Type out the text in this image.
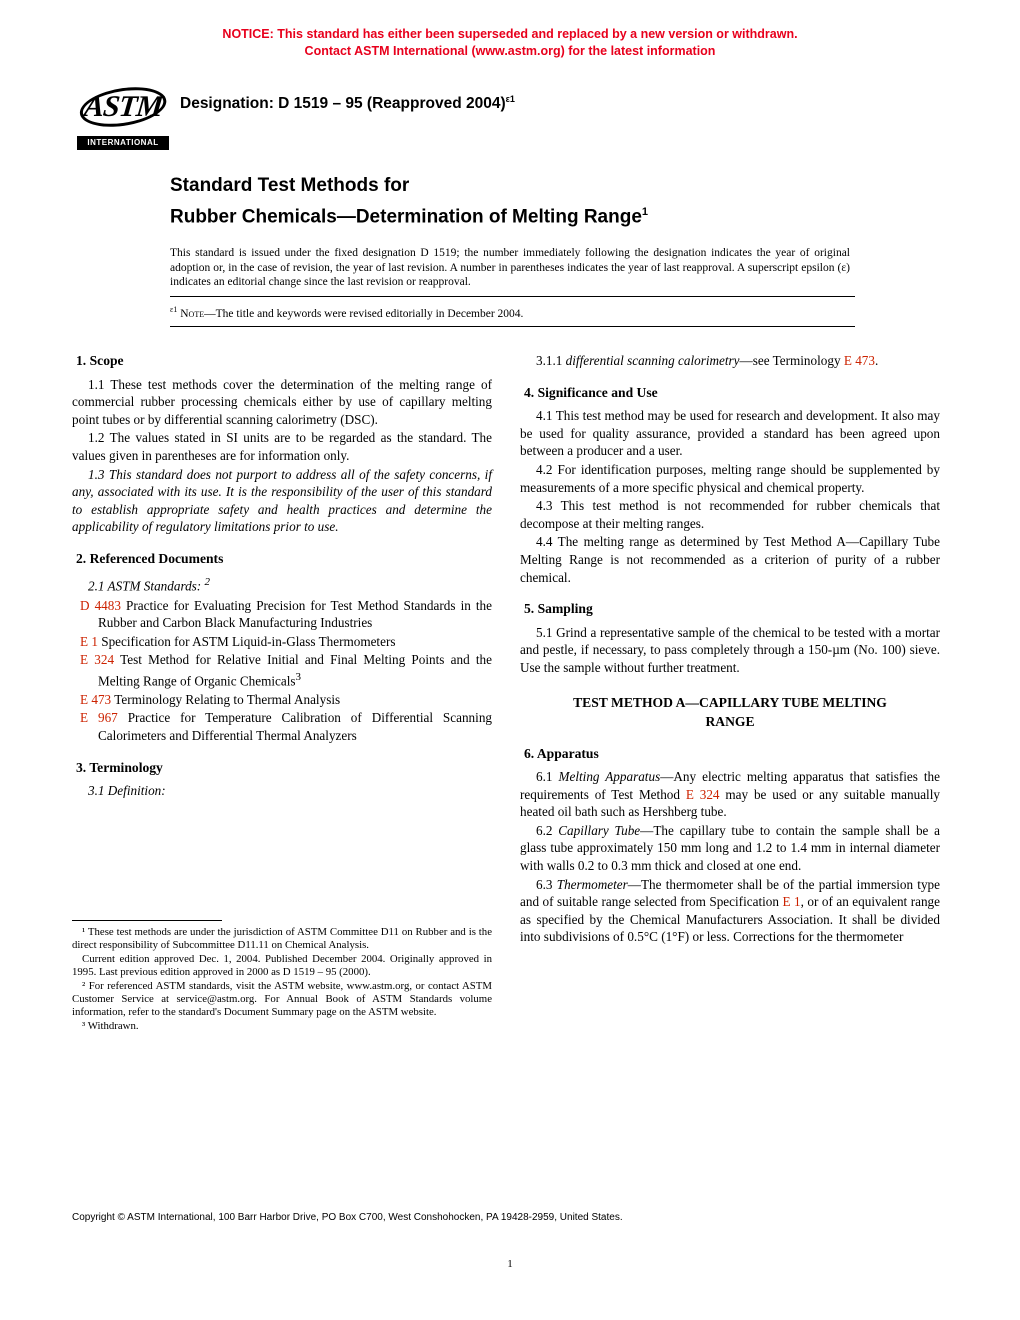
NOTICE: This standard has either been superseded and replaced by a new version or withdrawn.
Contact ASTM International (www.astm.org) for the latest information
ASTM
INTERNATIONAL
Designation: D 1519 – 95 (Reapproved 2004)$^{\varepsilon 1}$
Standard Test Methods for
Rubber Chemicals—Determination of Melting Range$^1$
This standard is issued under the fixed designation D 1519; the number immediately following the designation indicates the year of original adoption or, in the case of revision, the year of last revision. A number in parentheses indicates the year of last reapproval. A superscript epsilon (ε) indicates an editorial change since the last revision or reapproval.
$^{\varepsilon 1}$ Note—The title and keywords were revised editorially in December 2004.
1. Scope

1.1 These test methods cover the determination of the melting range of commercial rubber processing chemicals either by use of capillary melting point tubes or by differential scanning calorimetry (DSC).

1.2 The values stated in SI units are to be regarded as the standard. The values given in parentheses are for information only.

1.3 This standard does not purport to address all of the safety concerns, if any, associated with its use. It is the responsibility of the user of this standard to establish appropriate safety and health practices and determine the applicability of regulatory limitations prior to use.

2. Referenced Documents
2.1 ASTM Standards: $^2$
D 4483 Practice for Evaluating Precision for Test Method Standards in the Rubber and Carbon Black Manufacturing Industries
E 1 Specification for ASTM Liquid-in-Glass Thermometers
E 324 Test Method for Relative Initial and Final Melting Points and the Melting Range of Organic Chemicals$^3$
E 473 Terminology Relating to Thermal Analysis
E 967 Practice for Temperature Calibration of Differential Scanning Calorimeters and Differential Thermal Analyzers
3. Terminology
3.1 Definition:

3.1.1 differential scanning calorimetry—see Terminology E 473.

4. Significance and Use

4.1 This test method may be used for research and development. It also may be used for quality assurance, provided a standard has been agreed upon between a producer and a user.

4.2 For identification purposes, melting range should be supplemented by measurements of a more specific physical and chemical property.

4.3 This test method is not recommended for rubber chemicals that decompose at their melting ranges.

4.4 The melting range as determined by Test Method A—Capillary Tube Melting Range is not recommended as a criterion of purity of a rubber chemical.

5. Sampling

5.1 Grind a representative sample of the chemical to be tested with a mortar and pestle, if necessary, to pass completely through a 150-µm (No. 100) sieve. Use the sample without further treatment.

TEST METHOD A—CAPILLARY TUBE MELTING
RANGE
6. Apparatus

6.1 Melting Apparatus—Any electric melting apparatus that satisfies the requirements of Test Method E 324 may be used or any suitable manually heated oil bath such as Hershberg tube.

6.2 Capillary Tube—The capillary tube to contain the sample shall be a glass tube approximately 150 mm long and 1.2 to 1.4 mm in internal diameter with walls 0.2 to 0.3 mm thick and closed at one end.

6.3 Thermometer—The thermometer shall be of the partial immersion type and of suitable range selected from Specification E 1, or of an equivalent range as specified by the Chemical Manufacturers Association. It shall be divided into subdivisions of 0.5°C (1°F) or less. Corrections for the thermometer

¹ These test methods are under the jurisdiction of ASTM Committee D11 on Rubber and is the direct responsibility of Subcommittee D11.11 on Chemical Analysis.

Current edition approved Dec. 1, 2004. Published December 2004. Originally approved in 1995. Last previous edition approved in 2000 as D 1519 – 95 (2000).

² For referenced ASTM standards, visit the ASTM website, www.astm.org, or contact ASTM Customer Service at service@astm.org. For Annual Book of ASTM Standards volume information, refer to the standard's Document Summary page on the ASTM website.

³ Withdrawn.

Copyright © ASTM International, 100 Barr Harbor Drive, PO Box C700, West Conshohocken, PA 19428-2959, United States.
1
